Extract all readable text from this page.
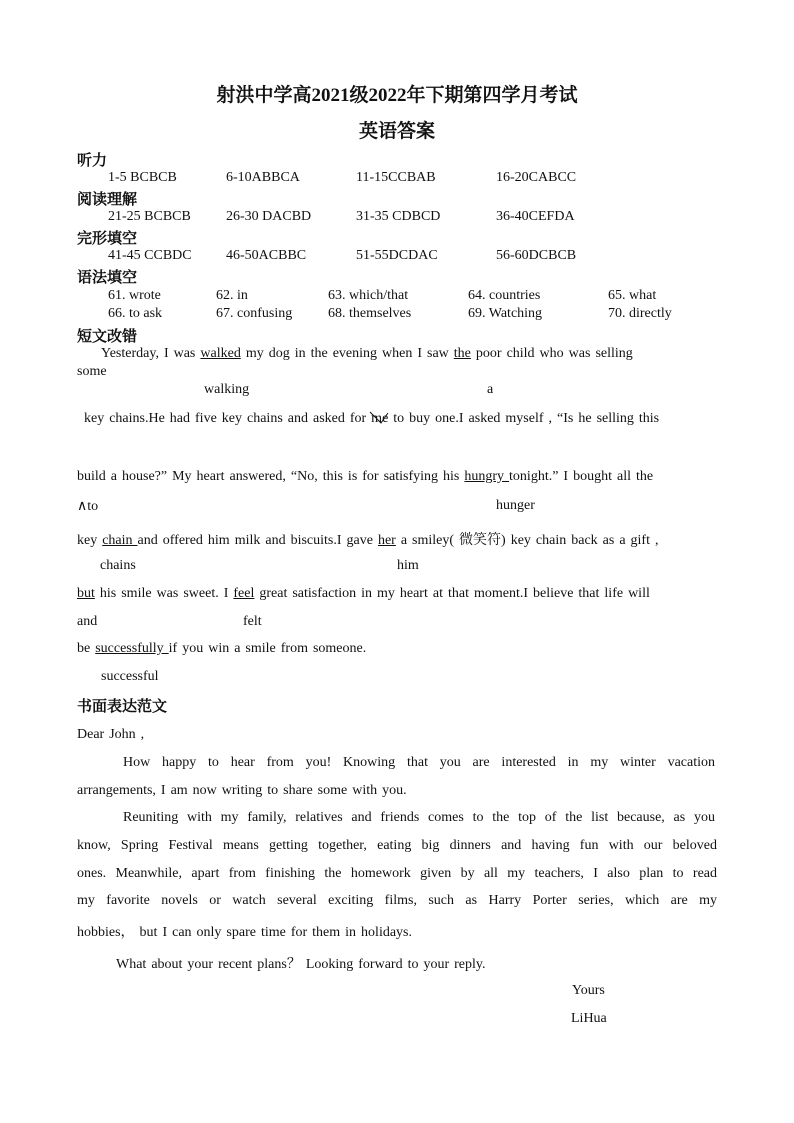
射洪中学高2021级2022年下期第四学月考试
英语答案
听力
1-5 BCBCB	6-10ABBCA	11-15CCBAB	16-20CABCC
阅读理解
21-25 BCBCB	26-30 DACBD	31-35 CDBCD	36-40CEFDA
完形填空
41-45 CCBDC 46-50ACBBC	51-55DCDAC	56-60DCBCB
语法填空
61. wrote	62. in	63. which/that	64. countries	65. what
66. to ask	67. confusing	68. themselves	69. Watching	70. directly
短文改错
Yesterday, I was walked my dog in the evening when I saw the poor child who was selling
some
walking	a
key chains.He had five key chains and asked for me to buy one.I asked myself , “Is he selling this
build a house?” My heart answered, “No, this is for satisfying his hungry tonight.” I bought all the
∧to	hunger
key chain and offered him milk and biscuits.I gave her a smiley( 微笑符) key chain back as a gift ,
chains	him
but his smile was sweet. I feel great satisfaction in my heart at that moment.I believe that life will
and	felt
be successfully if you win a smile from someone.
successful
书面表达范文
Dear John ,
How happy to hear from you! Knowing that you are interested in my winter vacation
arrangements, I am now writing to share some with you.
Reuniting with my family, relatives and friends comes to the top of the list because, as you
know, Spring Festival means getting together, eating big dinners and having fun with our beloved
ones. Meanwhile, apart from finishing the homework given by all my teachers, I also plan to read
my favorite novels or watch several exciting films, such as Harry Porter series, which are my
hobbies， but I can only spare time for them in holidays.
What about your recent plans？ Looking forward to your reply.
Yours
LiHua
